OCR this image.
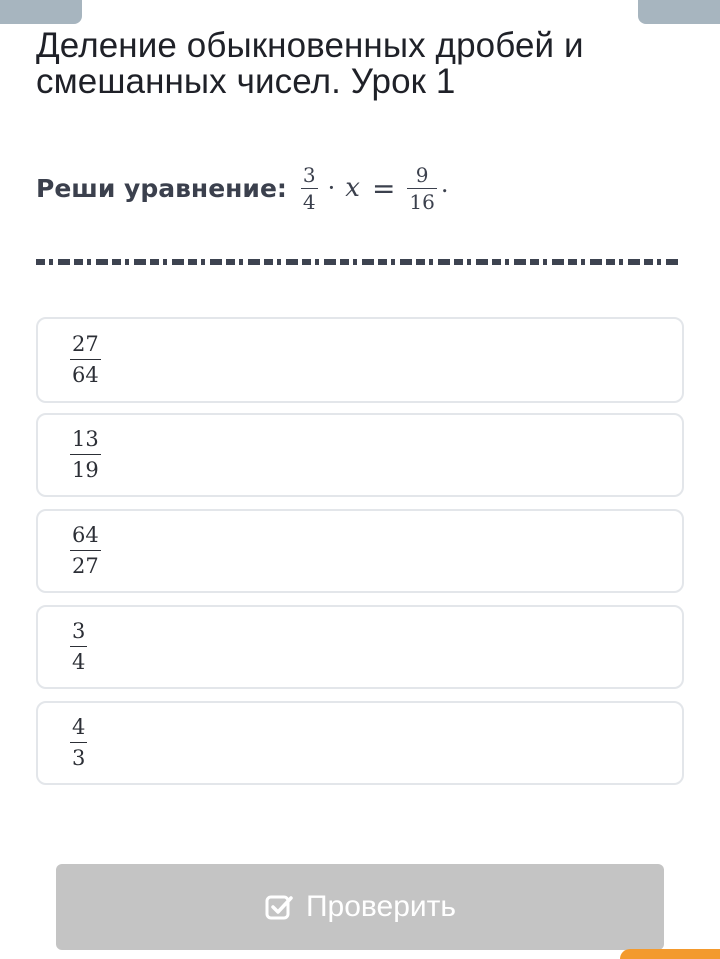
Деление обыкновенных дробей и смешанных чисел. Урок 1
Реши уравнение: $\frac{3}{4} \cdot x = \frac{9}{16}$ .
$\frac{27}{64}$
$\frac{13}{19}$
$\frac{64}{27}$
$\frac{3}{4}$
$\frac{4}{3}$
Проверить
